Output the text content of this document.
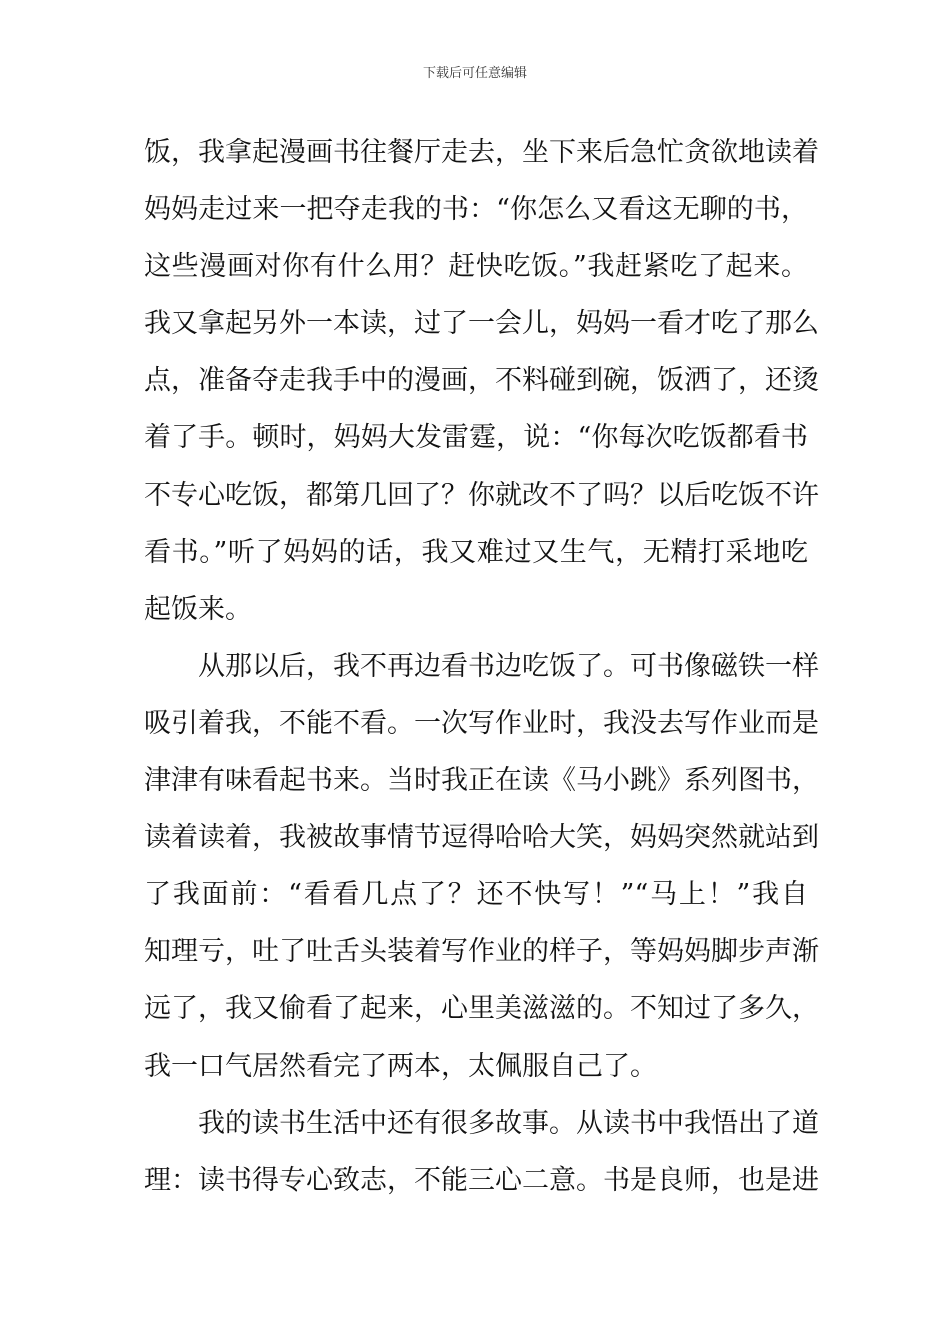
下载后可任意编辑
饭，我拿起漫画书往餐厅走去，坐下来后急忙贪欲地读着
妈妈走过来一把夺走我的书：“你怎么又看这无聊的书，
这些漫画对你有什么用？赶快吃饭。”我赶紧吃了起来。
我又拿起另外一本读，过了一会儿，妈妈一看才吃了那么
点，准备夺走我手中的漫画，不料碰到碗，饭洒了，还烫
着了手。顿时，妈妈大发雷霆，说：“你每次吃饭都看书
不专心吃饭，都第几回了？你就改不了吗？以后吃饭不许
看书。”听了妈妈的话，我又难过又生气，无精打采地吃
起饭来。
从那以后，我不再边看书边吃饭了。可书像磁铁一样
吸引着我，不能不看。一次写作业时，我没去写作业而是
津津有味看起书来。当时我正在读《马小跳》系列图书，
读着读着，我被故事情节逗得哈哈大笑，妈妈突然就站到
了我面前：“看看几点了？还不快写！”“马上！”我自
知理亏，吐了吐舌头装着写作业的样子，等妈妈脚步声渐
远了，我又偷看了起来，心里美滋滋的。不知过了多久，
我一口气居然看完了两本，太佩服自己了。
我的读书生活中还有很多故事。从读书中我悟出了道
理：读书得专心致志，不能三心二意。书是良师，也是进
